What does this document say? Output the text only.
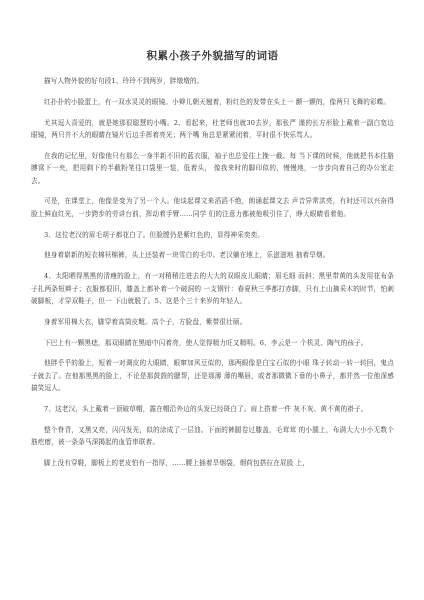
积累小孩子外貌描写的词语

描写人物外貌的好句段1、玲玲不到两岁，胖墩墩的。

红扑扑的小脸蛋上，有一双水灵灵的眼镜。小辫儿朝天翘着，粉红色的发带在头上一 颤一颤的，像两只飞舞的彩蝶。

尤其逗人喜爱的，就是她那很聪慧的小嘴。2、看起来，杜老师也就30去岁，那张严 谨的长方形脸上戴着一副白宽边眼镜，两只并不大的眼睛在镜片后边手挥着亮光；两个嘴 角总是紧紧闭着，平时很不快乐笃人。

在我的记忆里，好像他只有那么一身半新不旧的蓝衣服，袖子也总爱往上挽一截。每 当下课的时候，他就把书本往胳膊窝下一夹，把用剩下的半截粉笔往口袋里一装，低着头， 像我来时的脚印似的，慢慢地，一步步向着自己的办公室走去。

可是，在课堂上，他像是变为了另一个人。他谈起课文来滔滔不绝，朗诵起课文去 声音异常洪亮，有时还可以兴奋得脸上鲜血红光，一步跨步的劳讲台前，挥动着手臂……同学 们的注意力都被他吸引住了，睁大眼睛看着他。

3、这位老汉的眉毛胡子都花白了。但脸膛仍是紫红色的，显得神采奕奕。

他身着崭新的短衣棉袄棉裤，头上还装着一块雪白的毛巾。老汉躺在地上，乐滋滋地 抽着旱烟。

4、太阳晒得黑黑的清瘦的脸上，有一对稍稍注进去的大大的双眼皮儿眼睛；眉毛细 而斜；黑里带黄的头发用花布条子扎两条短辫子；衣服都很旧，膝盖上都补着一个破洞的 一支钢针：春夏秋三季都打赤脚，只有上山摘采木的时节，怕刺破脚板，才穿双鞋子，但一 下山就脱了。5、这是个三十来岁的年轻人。

身着军用棉大衣，脚穿着高筒皮靴。高个子，方脸盘，紫带很壮硕。

下巴上有一颗黑痣，那双眼睛在黑暗中闪着亮，使人觉得精力旺又精明。6、李云是一 个机灵、陶气的孩子。

他胖乎乎的脸上，短着一对调皮的大眼睛，眼窜加风豆似的，那两眼像是白宝石似的小眼 珠子转动一转一转回，鬼点子就去了。在他那黑黑的脸上，不论是那鼓鼓的腮帮，还是那薄 薄的嘴唇，或者那微微下垂的小鼻子，都并然一位他深感搞笑逗人。

7、这老汉，头上戴着一顶破草帽，露在帽沿外边的头发已经斑白了。肩上搭着一件 灰不灰、黄不黄的褂子。

整个脊背，又黑又亮，闪闪发光，似的涂成了一层油。下面的裤腿卷过膝盖，毛茸茸 的小腿上，布满大大小小无数个筋疙瘩，被一条条马深揭起的血管串联着。

脚上没有穿鞋，脚板上的老皮怕有一指厚，……腰上插着旱烟袋，烟荷包搭拉在屁股 上，
